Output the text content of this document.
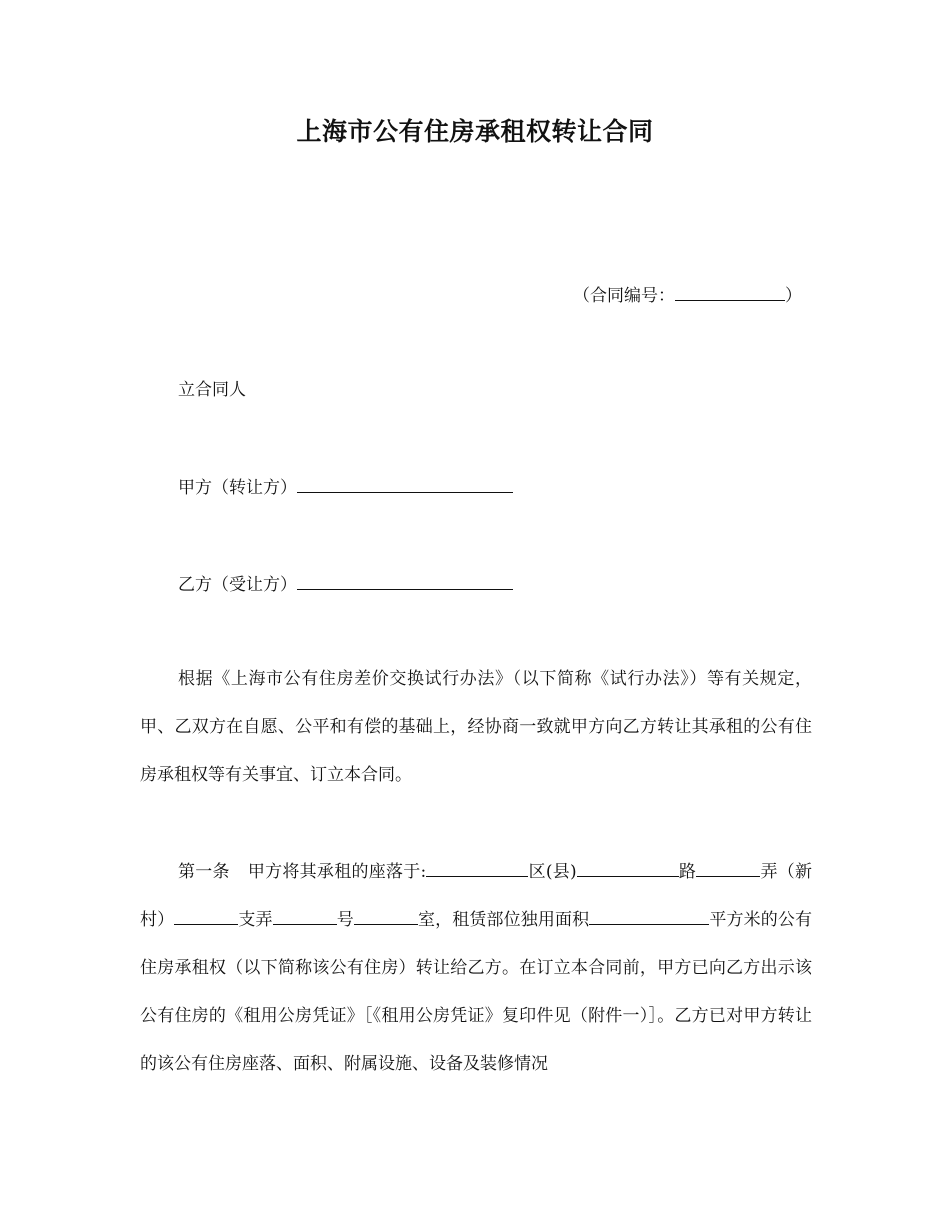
上海市公有住房承租权转让合同
（合同编号：	）
立合同人
甲方（转让方）
乙方（受让方）

根据《上海市公有住房差价交换试行办法》（以下简称《试行办法》）等有关规定，甲、乙双方在自愿、公平和有偿的基础上，经协商一致就甲方向乙方转让其承租的公有住房承租权等有关事宜、订立本合同。

第一条 甲方将其承租的座落于:	区(县)	路	弄（新村）	支弄	号	室，租赁部位独用面积	平方米的公有住房承租权（以下简称该公有住房）转让给乙方。在订立本合同前，甲方已向乙方出示该公有住房的《租用公房凭证》［《租用公房凭证》复印件见（附件一）］。乙方已对甲方转让的该公有住房座落、面积、附属设施、设备及装修情况
